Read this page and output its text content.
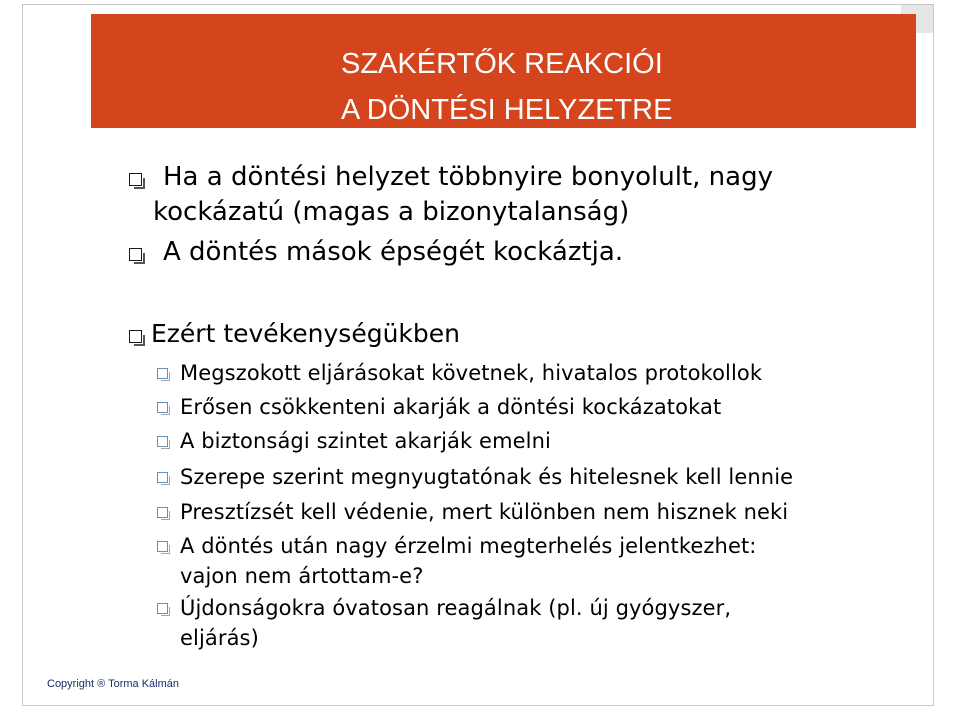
SZAKÉRTŐK REAKCIÓI
A DÖNTÉSI HELYZETRE
Ha a döntési helyzet többnyire bonyolult, nagy
kockázatú (magas a bizonytalanság)
A döntés mások épségét kockáztja.
Ezért tevékenységükben
Megszokott eljárásokat követnek, hivatalos protokollok
Erősen csökkenteni akarják a döntési kockázatokat
A biztonsági szintet akarják emelni
Szerepe szerint megnyugtatónak és hitelesnek kell lennie
Presztízsét kell védenie, mert különben nem hisznek neki
A döntés után nagy érzelmi megterhelés jelentkezhet:
vajon nem ártottam-e?
Újdonságokra óvatosan reagálnak (pl. új gyógyszer,
eljárás)
Copyright ® Torma Kálmán
